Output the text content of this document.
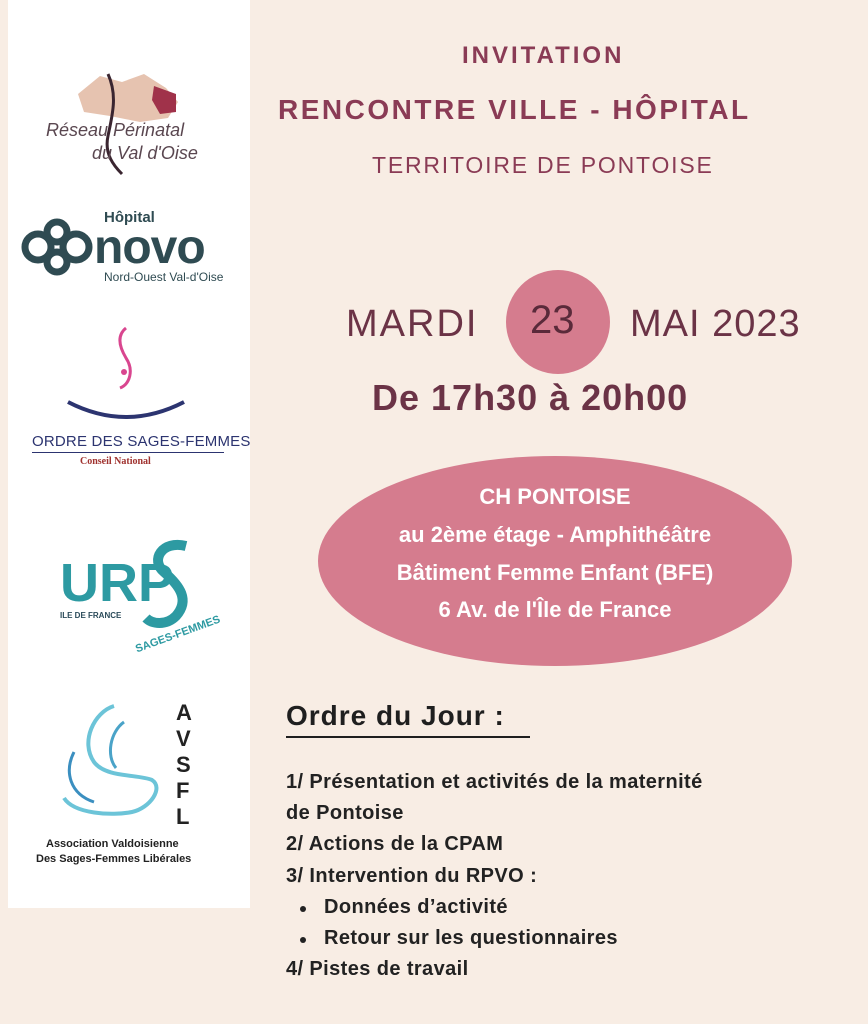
Réseau Périnatal
du Val d'Oise
Hôpital
novo
Nord-Ouest Val-d'Oise
ORDRE DES SAGES-FEMMES
Conseil National
URP
SAGES-FEMMES
ILE DE FRANCE
A
V
S
F
L
Association Valdoisienne
Des Sages-Femmes Libérales
INVITATION
RENCONTRE VILLE - HÔPITAL
TERRITOIRE DE PONTOISE
MARDI 23 MAI 2023
De 17h30 à 20h00
CH PONTOISE
au 2ème étage - Amphithéâtre
Bâtiment Femme Enfant (BFE)
6 Av. de l'Île de France
Ordre du Jour :
1/ Présentation et activités de la maternité
de Pontoise
2/ Actions de la CPAM
3/ Intervention du RPVO :
Données d’activité
Retour sur les questionnaires
4/ Pistes de travail
